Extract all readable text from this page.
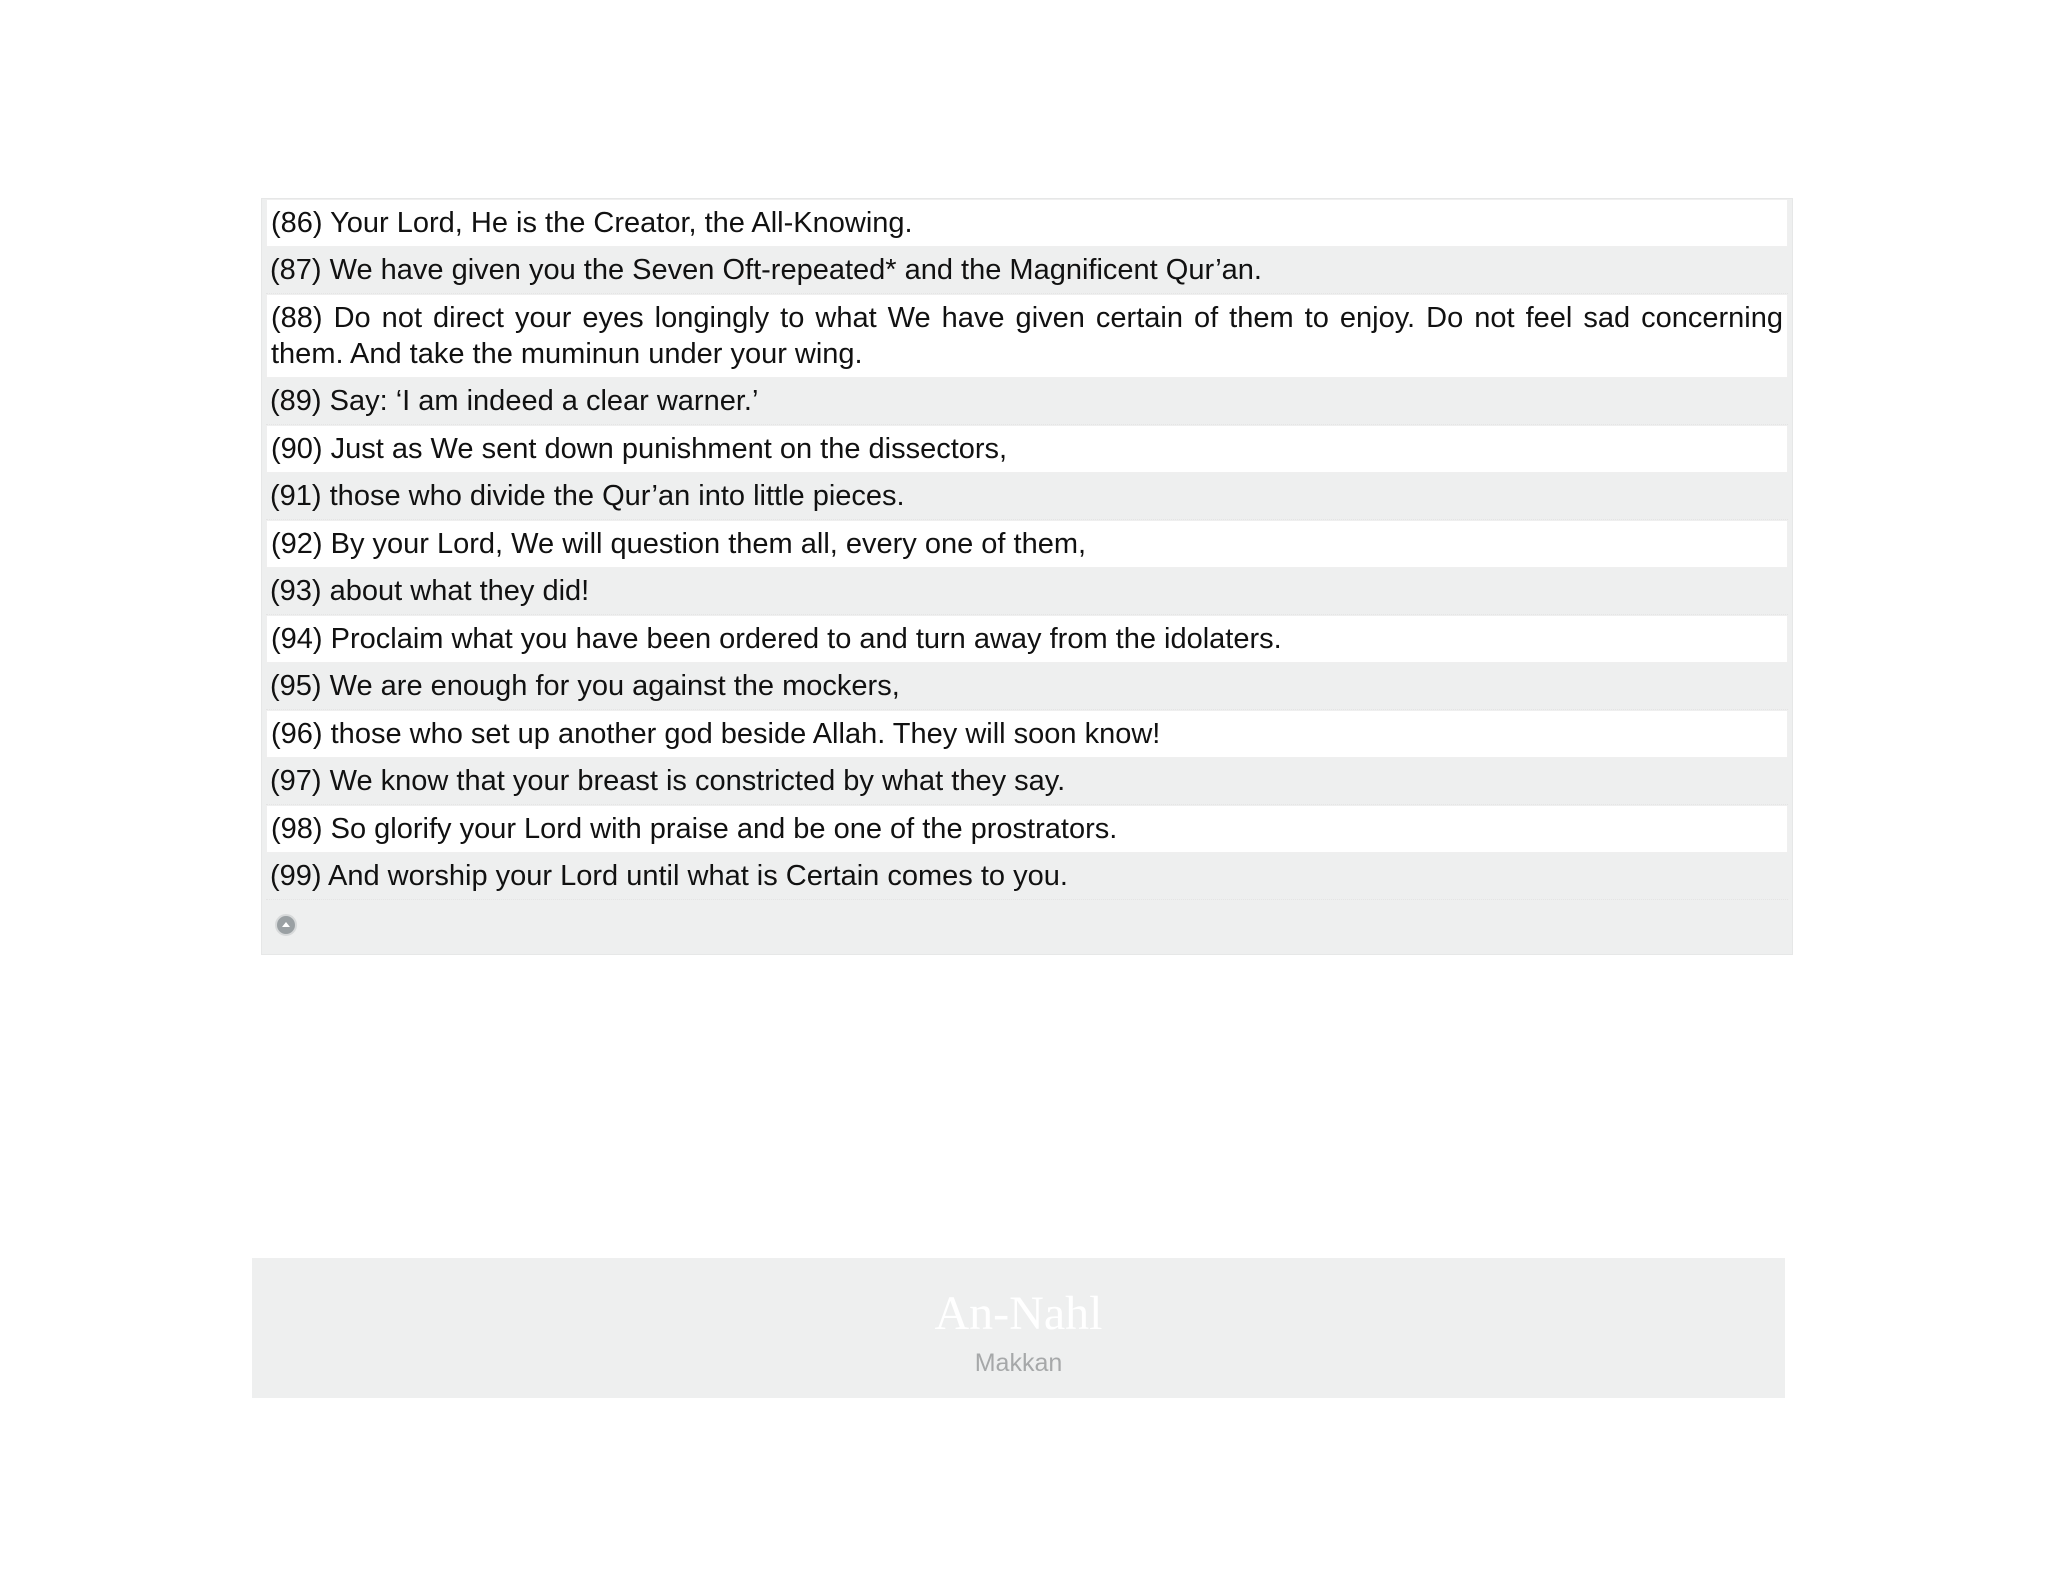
(86) Your Lord, He is the Creator, the All-Knowing.
(87) We have given you the Seven Oft-repeated* and the Magnificent Qur’an.
(88) Do not direct your eyes longingly to what We have given certain of them to enjoy. Do not feel sad concerning them. And take the muminun under your wing.
(89) Say: ‘I am indeed a clear warner.’
(90) Just as We sent down punishment on the dissectors,
(91) those who divide the Qur’an into little pieces.
(92) By your Lord, We will question them all, every one of them,
(93) about what they did!
(94) Proclaim what you have been ordered to and turn away from the idolaters.
(95) We are enough for you against the mockers,
(96) those who set up another god beside Allah. They will soon know!
(97) We know that your breast is constricted by what they say.
(98) So glorify your Lord with praise and be one of the prostrators.
(99) And worship your Lord until what is Certain comes to you.
An-Nahl
Makkan
